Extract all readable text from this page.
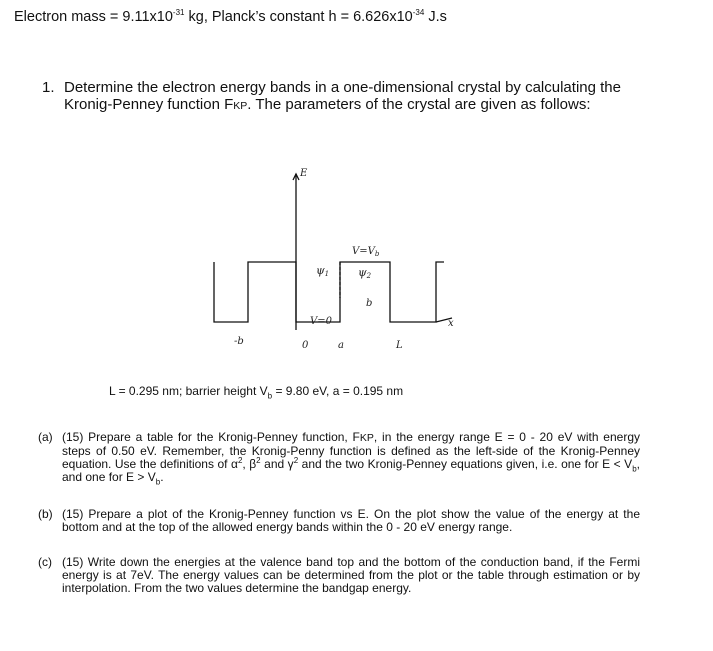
Electron mass = $9.11x10^{-31}$ kg, Planck’s constant $h = 6.626x10^{-34}$ J.s
1. Determine the electron energy bands in a one-dimensional crystal by calculating the Kronig-Penney function FKP. The parameters of the crystal are given as follows:
E
$V=V_b$
ψ1	ψ2
b
V=0	x
-b	0	a	L
L = 0.295 nm; barrier height $V_b = 9.80$ eV, a = 0.195 nm
(a) (15) Prepare a table for the Kronig-Penney function, FKP, in the energy range E = 0 - 20 eV with energy steps of 0.50 eV. Remember, the Kronig-Penny function is defined as the left-side of the Kronig-Penney equation. Use the definitions of $\alpha^2$, $\beta^2$ and $\gamma^2$ and the two Kronig-Penney equations given, i.e. one for $E < V_b$, and one for $E > V_b$.
(b) (15) Prepare a plot of the Kronig-Penney function vs E. On the plot show the value of the energy at the bottom and at the top of the allowed energy bands within the 0 - 20 eV energy range.
(c) (15) Write down the energies at the valence band top and the bottom of the conduction band, if the Fermi energy is at 7eV. The energy values can be determined from the plot or the table through estimation or by interpolation. From the two values determine the bandgap energy.
